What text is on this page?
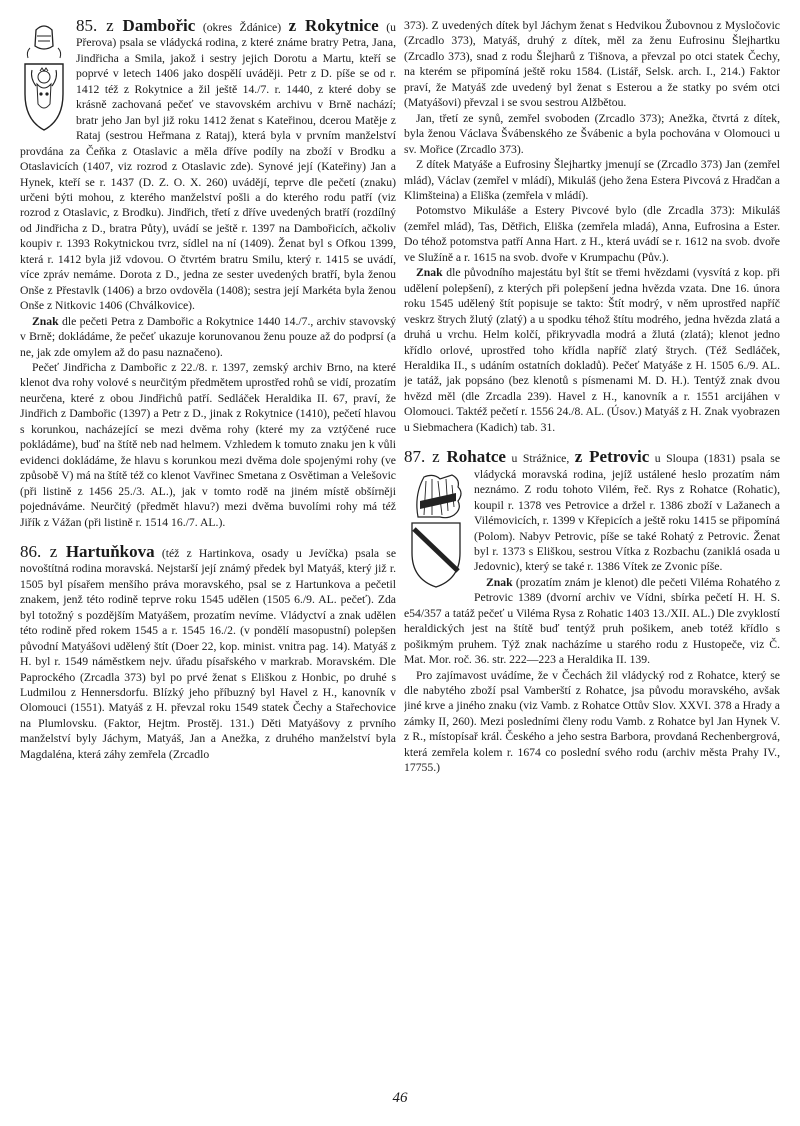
85. z Dambořic (okres Ždánice) z Rokytnice (u Přerova) psala se vládycká rodina, z které známe bratry Petra, Jana, Jindřicha a Smila, jakož i sestry jejich Dorotu a Martu, kteří se poprvé v letech 1406 jako dospělí uváději. Petr z D. píše se od r. 1412 též z Rokytnice a žil ještě 14./7. r. 1440, z které doby se krásně zachovaná pečeť ve stavovském archivu v Brně nachází; bratr jeho Jan byl již roku 1412 ženat s Kateřinou, dcerou Matěje z Rataj (sestrou Heřmana z Rataj), která byla v prvním manželství provdána za Čeňka z Otaslavic a měla dříve podíly na zboží v Brodku a Otaslavicích (1407, viz rozrod z Otaslavic zde). Synové její (Kateřiny) Jan a Hynek, kteří se r. 1437 (D. Z. O. X. 260) uvádějí, teprve dle pečetí (znaku) určeni býti mohou, z kterého manželství pošli a do kterého rodu patří (viz rozrod z Otaslavic, z Brodku). Jindřich, třetí z dříve uvedených bratří (rozdílný od Jindřicha z D., bratra Půty), uvádí se ještě r. 1397 na Dambořicích, ačkoliv koupiv r. 1393 Rokytnickou tvrz, sídlel na ní (1409). Ženat byl s Ofkou 1399, která r. 1412 byla již vdovou. O čtvrtém bratru Smilu, který r. 1415 se uvádí, více zpráv nemáme. Dorota z D., jedna ze sester uvedených bratří, byla ženou Onše z Přestavlk (1406) a brzo ovdověla (1408); sestra její Markéta byla ženou Onše z Nitkovic 1406 (Chválkovice).

Znak dle pečeti Petra z Dambořic a Rokytnice 1440 14./7., archiv stavovský v Brně; dokládáme, že pečeť ukazuje korunovanou ženu pouze až do podprsí (a ne, jak zde omylem až do pasu naznačeno).

Pečeť Jindřicha z Dambořic z 22./8. r. 1397, zemský archiv Brno, na které klenot dva rohy volové s neurčitým předmětem uprostřed rohů se vidí, prozatím neurčena, které z obou Jindřichů patří. Sedláček Heraldika II. 67, praví, že Jindřich z Dambořic (1397) a Petr z D., jinak z Rokytnice (1410), pečetí hlavou s korunkou, nacházející se mezi dvěma rohy (které my za vztýčené ruce pokládáme), buď na štítě neb nad helmem. Vzhledem k tomuto znaku jen k vůli evidenci dokládáme, že hlavu s korunkou mezi dvěma dole spojenými rohy (ve způsobě V) má na štítě též co klenot Vavřinec Smetana z Osvětiman a Velešovic (při listině z 1456 25./3. AL.), jak v tomto rodě na jiném místě obšírněji pojednáváme. Neurčitý (předmět hlavu?) mezi dvěma buvolími rohy má též Jiřík z Vážan (při listině r. 1514 16./7. AL.).

86. z Hartuňkova (též z Hartinkova, osady u Jevíčka) psala se novoštítná rodina moravská. Nejstarší její známý předek byl Matyáš, který již r. 1505 byl písařem menšího práva moravského, psal se z Hartunkova a pečetil znakem, jenž této rodině teprve roku 1545 udělen (1505 6./9. AL. pečeť). Zda byl totožný s pozdějším Matyášem, prozatím nevíme. Vládyctví a znak udělen této rodině před rokem 1545 a r. 1545 16./2. (v pondělí masopustní) polepšen původní Matyášovi udělený štít (Doer 22, kop. minist. vnitra pag. 14). Matyáš z H. byl r. 1549 náměstkem nejv. úřadu písařského v markrab. Moravském. Dle Paprockého (Zrcadla 373) byl po prvé ženat s Eliškou z Honbic, po druhé s Ludmilou z Hennersdorfu. Blízký jeho příbuzný byl Havel z H., kanovník v Olomouci (1551). Matyáš z H. převzal roku 1549 statek Čechy a Stařechovice na Plumlovsku. (Faktor, Hejtm. Prostěj. 131.) Děti Matyášovy z prvního manželství byly Jáchym, Matyáš, Jan a Anežka, z druhého manželství byla Magdaléna, která záhy zemřela (Zrcadlo

373). Z uvedených dítek byl Jáchym ženat s Hedvikou Žubovnou z Mysločovic (Zrcadlo 373), Matyáš, druhý z dítek, měl za ženu Eufrosinu Šlejhartku (Zrcadlo 373), snad z rodu Šlejharů z Tišnova, a převzal po otci statek Čechy, na kterém se připomíná ještě roku 1584. (Listář, Selsk. arch. I., 214.) Faktor praví, že Matyáš zde uvedený byl ženat s Esterou a že statky po svém otci (Matyášovi) převzal i se svou sestrou Alžbětou.

Jan, třetí ze synů, zemřel svoboden (Zrcadlo 373); Anežka, čtvrtá z dítek, byla ženou Václava Švábenského ze Švábenic a byla pochována v Olomouci u sv. Mořice (Zrcadlo 373).

Z dítek Matyáše a Eufrosiny Šlejhartky jmenují se (Zrcadlo 373) Jan (zemřel mlád), Václav (zemřel v mládí), Mikuláš (jeho žena Estera Pivcová z Hradčan a Klimšteina) a Eliška (zemřela v mládí).

Potomstvo Mikuláše a Estery Pivcové bylo (dle Zrcadla 373): Mikuláš (zemřel mlád), Tas, Dětřich, Eliška (zemřela mladá), Anna, Eufrosina a Ester. Do téhož potomstva patří Anna Hart. z H., která uvádí se r. 1612 na svob. dvoře ve Služíně a r. 1615 na svob. dvoře v Krumpachu (Pův.).

Znak dle původního majestátu byl štít se třemi hvězdami (vysvítá z kop. při udělení polepšení), z kterých při polepšení jedna hvězda vzata. Dne 16. února roku 1545 udělený štít popisuje se takto: Štít modrý, v něm uprostřed napříč veskrz štrych žlutý (zlatý) a u spodku téhož štítu modrého, jedna hvězda zlatá a druhá u vrchu. Helm kolčí, přikryvadla modrá a žlutá (zlatá); klenot jedno křídlo orlové, uprostřed toho křídla napříč zlatý štrych. (Též Sedláček, Heraldika II., s udáním ostatních dokladů). Pečeť Matyáše z H. 1505 6./9. AL. je tatáž, jak popsáno (bez klenotů s písmenami M. D. H.). Tentýž znak dvou hvězd měl (dle Zrcadla 239). Havel z H., kanovník a r. 1551 arcijáhen v Olomouci. Taktéž pečetí r. 1556 24./8. AL. (Úsov.) Matyáš z H. Znak vyobrazen u Siebmachera (Kadich) tab. 31.

87. z Rohatce u Strážnice, z Petrovic u Sloupa (1831) psala se vládycká moravská rodina, jejíž ustálené heslo prozatím nám neznámo. Z rodu tohoto Vilém, řeč. Rys z Rohatce (Rohatic), koupil r. 1378 ves Petrovice a držel r. 1386 zboží v Lažanech a Vilémovicích, r. 1399 v Křepicích a ještě roku 1415 se připomíná (Polom). Nabyv Petrovic, píše se také Rohatý z Petrovic. Ženat byl r. 1373 s Eliškou, sestrou Vítka z Rozbachu (zaniklá osada u Jedovnic), který se také r. 1386 Vítek ze Zvonic píše.

Znak (prozatím znám je klenot) dle pečeti Viléma Rohatého z Petrovic 1389 (dvorní archiv ve Vídni, sbírka pečetí H. H. S. e54/357 a tatáž pečeť u Viléma Rysa z Rohatic 1403 13./XII. AL.) Dle zvyklostí heraldických jest na štítě buď tentýž pruh pošikem, aneb totéž křídlo s pošikmým pruhem. Týž znak nacházíme u starého rodu z Hustopeče, viz Č. Mat. Mor. roč. 36. str. 222—223 a Heraldika II. 139.

Pro zajímavost uvádíme, že v Čechách žil vládycký rod z Rohatce, který se dle nabytého zboží psal Vamberští z Rohatce, jsa původu moravského, avšak jiné krve a jiného znaku (viz Vamb. z Rohatce Ottův Slov. XXVI. 378 a Hrady a zámky II, 260). Mezi posledními členy rodu Vamb. z Rohatce byl Jan Hynek V. z R., místopísař král. Českého a jeho sestra Barbora, provdaná Rechenbergrová, která zemřela kolem r. 1674 co poslední svého rodu (archiv města Prahy IV., 17755.)

46
